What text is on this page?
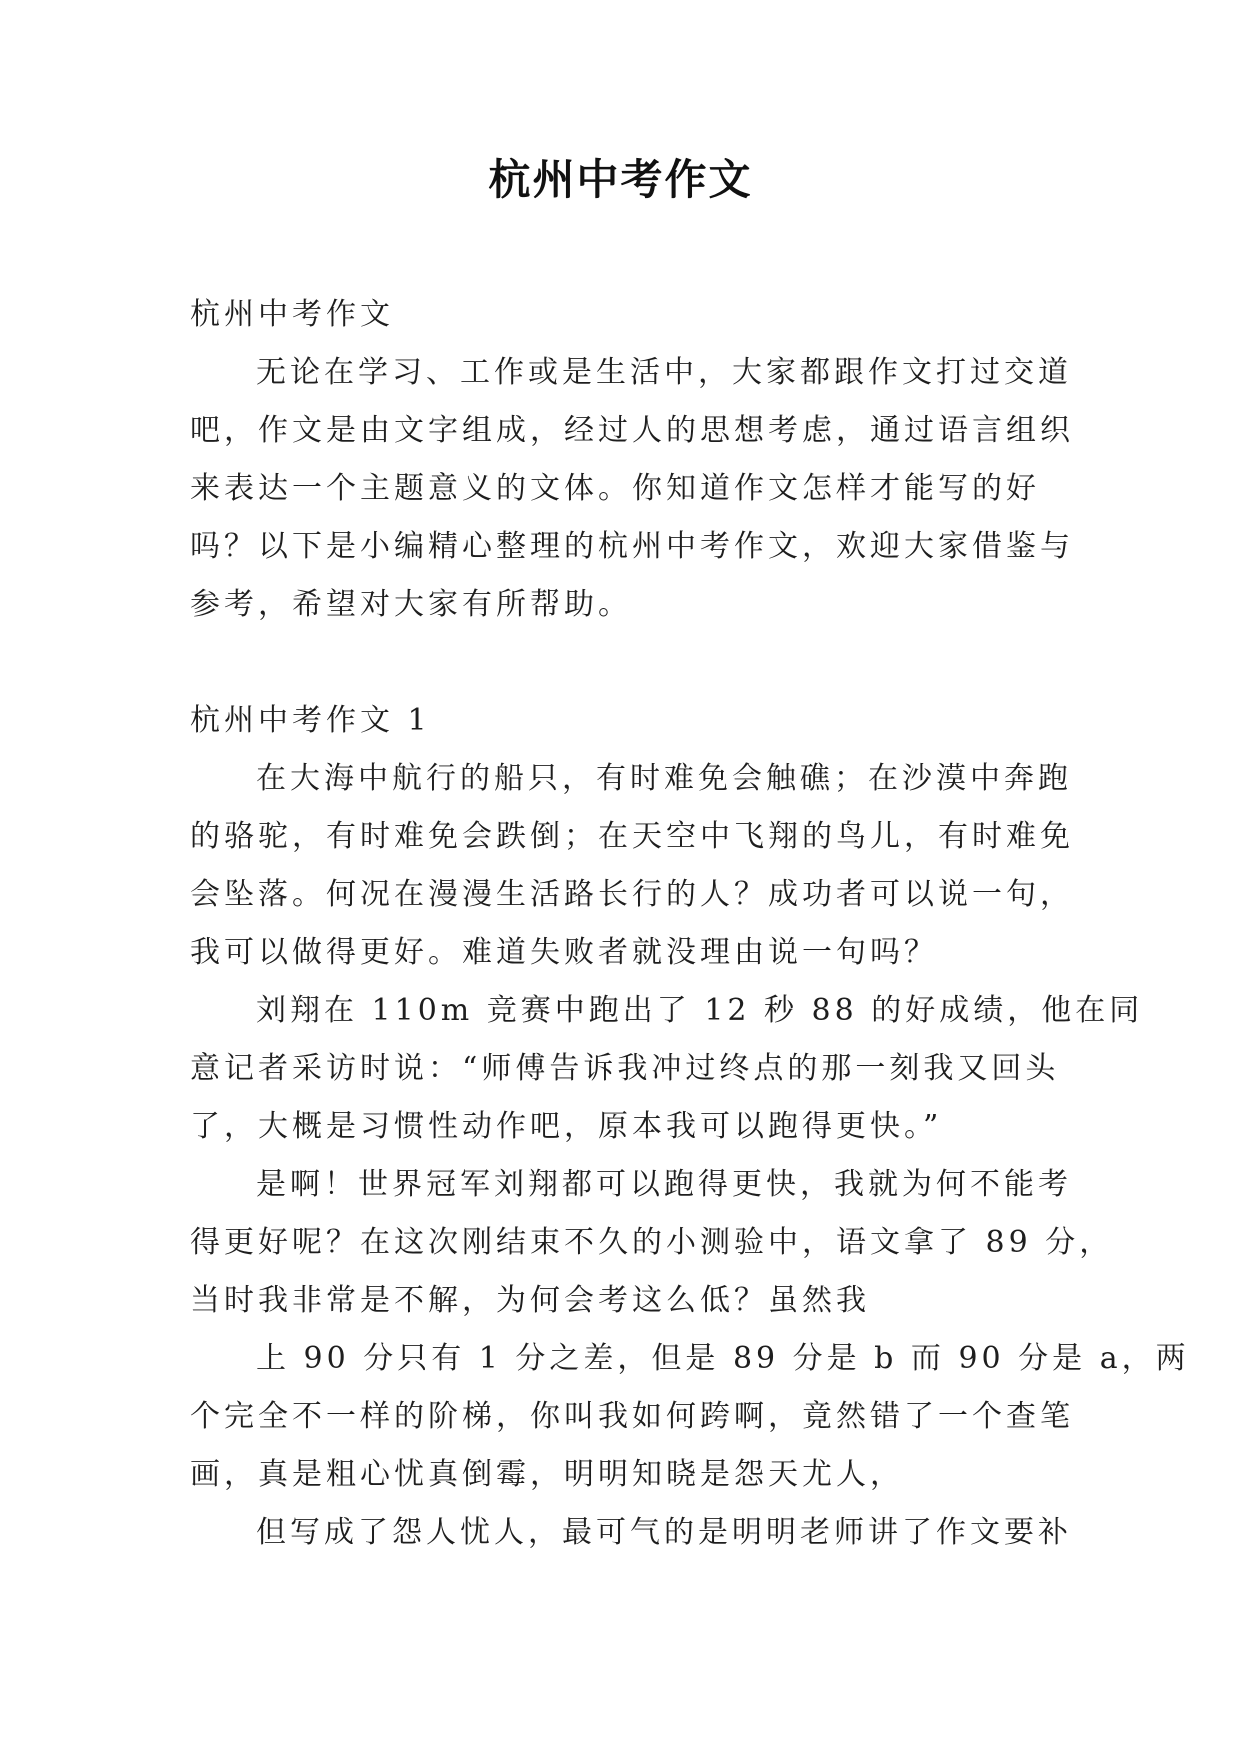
杭州中考作文
杭州中考作文
无论在学习、工作或是生活中，大家都跟作文打过交道
吧，作文是由文字组成，经过人的思想考虑，通过语言组织
来表达一个主题意义的文体。你知道作文怎样才能写的好
吗？以下是小编精心整理的杭州中考作文，欢迎大家借鉴与
参考，希望对大家有所帮助。
杭州中考作文 1
在大海中航行的船只，有时难免会触礁；在沙漠中奔跑
的骆驼，有时难免会跌倒；在天空中飞翔的鸟儿，有时难免
会坠落。何况在漫漫生活路长行的人？成功者可以说一句，
我可以做得更好。难道失败者就没理由说一句吗？
刘翔在 110m 竞赛中跑出了 12 秒 88 的好成绩，他在同
意记者采访时说：“师傅告诉我冲过终点的那一刻我又回头
了，大概是习惯性动作吧，原本我可以跑得更快。”
是啊！世界冠军刘翔都可以跑得更快，我就为何不能考
得更好呢？在这次刚结束不久的小测验中，语文拿了 89 分，
当时我非常是不解，为何会考这么低？虽然我
上 90 分只有 1 分之差，但是 89 分是 b 而 90 分是 a，两
个完全不一样的阶梯，你叫我如何跨啊，竟然错了一个查笔
画，真是粗心忧真倒霉，明明知晓是怨天尤人，
但写成了怨人忧人，最可气的是明明老师讲了作文要补
